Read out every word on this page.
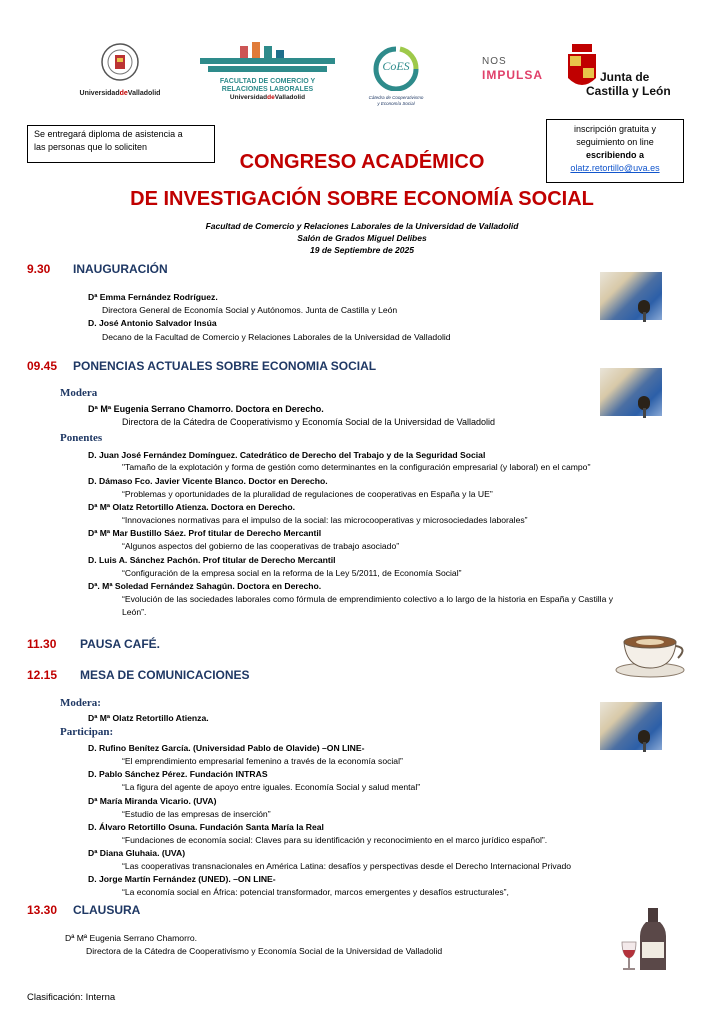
UniversidaddeValladolid
FACULTAD DE COMERCIO Y
RELACIONES LABORALES
UniversidaddeValladolid
CoES
Cátedra de Cooperativismo
y Economía Social
NOS
IMPULSA	Junta de
Castilla y León
Se entregará diploma de asistencia a
las personas que lo soliciten
inscripción gratuita y
seguimiento on line
escribiendo a
olatz.retortillo@uva.es
CONGRESO ACADÉMICO
DE INVESTIGACIÓN SOBRE ECONOMÍA SOCIAL
Facultad de Comercio y Relaciones Laborales de la Universidad de Valladolid
Salón de Grados Miguel Delibes
19 de Septiembre de 2025
9.30 INAUGURACIÓN
Dª Emma Fernández Rodríguez.
Directora General de Economía Social y Autónomos. Junta de Castilla y León
D. José Antonio Salvador Insúa
Decano de la Facultad de Comercio y Relaciones Laborales de la Universidad de Valladolid
09.45 PONENCIAS ACTUALES SOBRE ECONOMIA SOCIAL
Modera
Dª Mª Eugenia Serrano Chamorro. Doctora en Derecho.
Directora de la Cátedra de Cooperativismo y Economía Social de la Universidad de Valladolid
Ponentes
D. Juan José Fernández Domínguez. Catedrático de Derecho del Trabajo y de la Seguridad Social
"Tamaño de la explotación y forma de gestión como determinantes en la configuración empresarial (y laboral) en el campo"
D. Dámaso Fco. Javier Vicente Blanco. Doctor en Derecho.
“Problemas y oportunidades de la pluralidad de regulaciones de cooperativas en España y la UE”
Dª Mª Olatz Retortillo Atienza. Doctora en Derecho.
“Innovaciones normativas para el impulso de la social: las microcooperativas y microsociedades laborales”
Dª Mª Mar Bustillo Sáez. Prof titular de Derecho Mercantil
“Algunos aspectos del gobierno de las cooperativas de trabajo asociado”
D. Luis A. Sánchez Pachón. Prof titular de Derecho Mercantil
“Configuración de la empresa social en la reforma de la Ley 5/2011, de Economía Social”
Dª. Mª Soledad Fernández Sahagún. Doctora en Derecho.
“Evolución de las sociedades laborales como fórmula de emprendimiento colectivo a lo largo de la historia en España y Castilla y
León”.
11.30 PAUSA CAFÉ.
12.15 MESA DE COMUNICACIONES
Modera:
Dª Mª Olatz Retortillo Atienza.
Participan:
D. Rufino Benítez García. (Universidad Pablo de Olavide) –ON LINE-
“El emprendimiento empresarial femenino a través de la economía social”
D. Pablo Sánchez Pérez. Fundación INTRAS
“La figura del agente de apoyo entre iguales. Economía Social y salud mental”
Dª María Miranda Vicario. (UVA)
“Estudio de las empresas de inserción”
D. Álvaro Retortillo Osuna. Fundación Santa María la Real
“Fundaciones de economía social: Claves para su identificación y reconocimiento en el marco jurídico español”.
Dª Diana Gluhaia. (UVA)
“Las cooperativas transnacionales en América Latina: desafíos y perspectivas desde el Derecho Internacional Privado
D. Jorge Martín Fernández (UNED). –ON LINE-
“La economía social en África: potencial transformador, marcos emergentes y desafíos estructurales”,
13.30 CLAUSURA
Dª Mª Eugenia Serrano Chamorro.
Directora de la Cátedra de Cooperativismo y Economía Social de la Universidad de Valladolid
Clasificación: Interna
